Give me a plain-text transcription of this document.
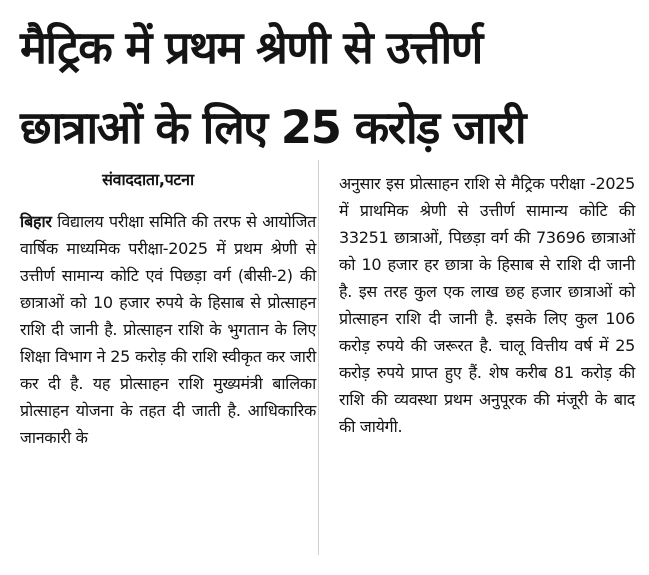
मैट्रिक में प्रथम श्रेणी से उत्तीर्ण
छात्राओं के लिए 25 करोड़ जारी
संवाददाता,पटना

बिहार विद्यालय परीक्षा समिति की तरफ से आयोजित वार्षिक माध्यमिक परीक्षा-2025 में प्रथम श्रेणी से उत्तीर्ण सामान्य कोटि एवं पिछड़ा वर्ग (बीसी-2) की छात्राओं को 10 हजार रुपये के हिसाब से प्रोत्साहन राशि दी जानी है. प्रोत्साहन राशि के भुगतान के लिए शिक्षा विभाग ने 25 करोड़ की राशि स्वीकृत कर जारी कर दी है. यह प्रोत्साहन राशि मुख्यमंत्री बालिका प्रोत्साहन योजना के तहत दी जाती है. आधिकारिक जानकारी के

अनुसार इस प्रोत्साहन राशि से मैट्रिक परीक्षा -2025 में प्राथमिक श्रेणी से उत्तीर्ण सामान्य कोटि की 33251 छात्राओं, पिछड़ा वर्ग की 73696 छात्राओं को 10 हजार हर छात्रा के हिसाब से राशि दी जानी है. इस तरह कुल एक लाख छह हजार छात्राओं को प्रोत्साहन राशि दी जानी है. इसके लिए कुल 106 करोड़ रुपये की जरूरत है. चालू वित्तीय वर्ष में 25 करोड़ रुपये प्राप्त हुए हैं. शेष करीब 81 करोड़ की राशि की व्यवस्था प्रथम अनुपूरक की मंजूरी के बाद की जायेगी.
